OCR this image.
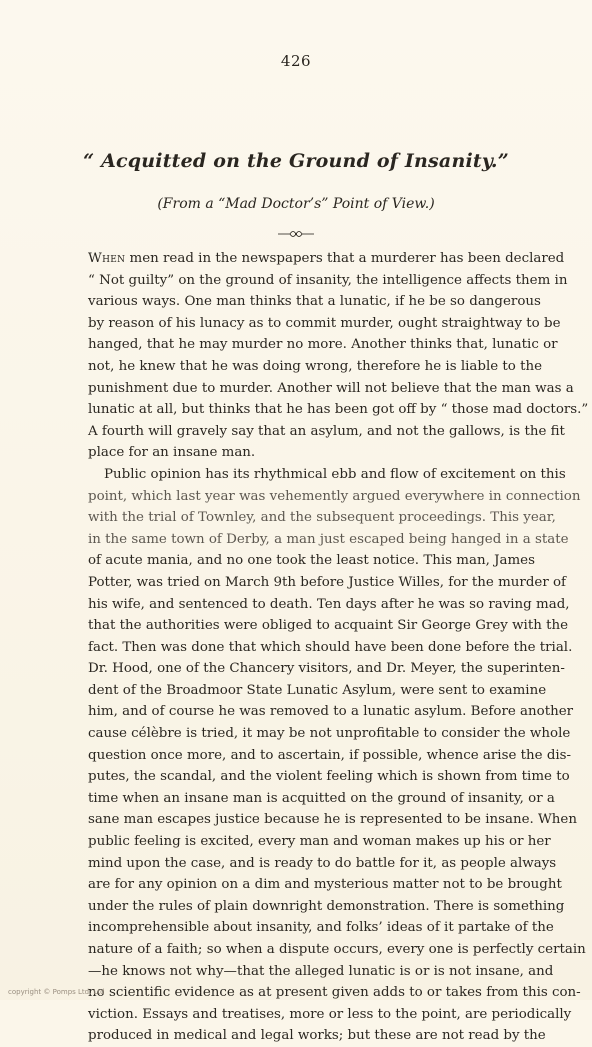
426
“ Acquitted on the Ground of Insanity.”
(From a “Mad Doctor’s” Point of View.)
When men read in the newspapers that a murderer has been declared
“ Not guilty” on the ground of insanity, the intelligence affects them in
various ways. One man thinks that a lunatic, if he be so dangerous
by reason of his lunacy as to commit murder, ought straightway to be
hanged, that he may murder no more. Another thinks that, lunatic or
not, he knew that he was doing wrong, therefore he is liable to the
punishment due to murder. Another will not believe that the man was a
lunatic at all, but thinks that he has been got off by “ those mad doctors.”
A fourth will gravely say that an asylum, and not the gallows, is the fit
place for an insane man.
Public opinion has its rhythmical ebb and flow of excitement on this
point, which last year was vehemently argued everywhere in connection
with the trial of Townley, and the subsequent proceedings. This year,
in the same town of Derby, a man just escaped being hanged in a state
of acute mania, and no one took the least notice. This man, James
Potter, was tried on March 9th before Justice Willes, for the murder of
his wife, and sentenced to death. Ten days after he was so raving mad,
that the authorities were obliged to acquaint Sir George Grey with the
fact. Then was done that which should have been done before the trial.
Dr. Hood, one of the Chancery visitors, and Dr. Meyer, the superinten-
dent of the Broadmoor State Lunatic Asylum, were sent to examine
him, and of course he was removed to a lunatic asylum. Before another
cause célèbre is tried, it may be not unprofitable to consider the whole
question once more, and to ascertain, if possible, whence arise the dis-
putes, the scandal, and the violent feeling which is shown from time to
time when an insane man is acquitted on the ground of insanity, or a
sane man escapes justice because he is represented to be insane. When
public feeling is excited, every man and woman makes up his or her
mind upon the case, and is ready to do battle for it, as people always
are for any opinion on a dim and mysterious matter not to be brought
under the rules of plain downright demonstration. There is something
incomprehensible about insanity, and folks’ ideas of it partake of the
nature of a faith; so when a dispute occurs, every one is perfectly certain
—he knows not why—that the alleged lunatic is or is not insane, and
no scientific evidence as at present given adds to or takes from this con-
viction. Essays and treatises, more or less to the point, are periodically
produced in medical and legal works; but these are not read by the
copyright © Pomps Ltd. Ltd
